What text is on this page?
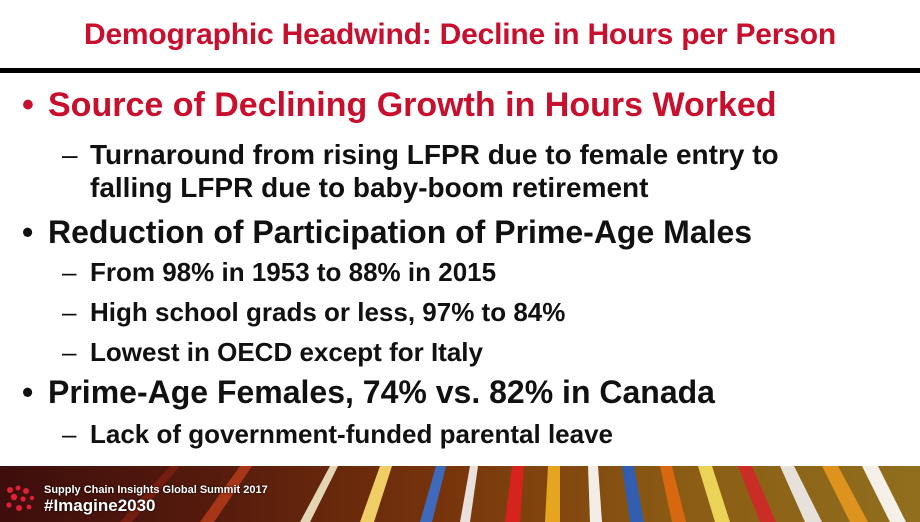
Demographic Headwind: Decline in Hours per Person
• Source of Declining Growth in Hours Worked
– Turnaround from rising LFPR due to female entry to
falling LFPR due to baby-boom retirement
• Reduction of Participation of Prime-Age Males
– From 98% in 1953 to 88% in 2015
– High school grads or less, 97% to 84%
– Lowest in OECD except for Italy
• Prime-Age Females, 74% vs. 82% in Canada
– Lack of government-funded parental leave
Supply Chain Insights Global Summit 2017
#Imagine2030
